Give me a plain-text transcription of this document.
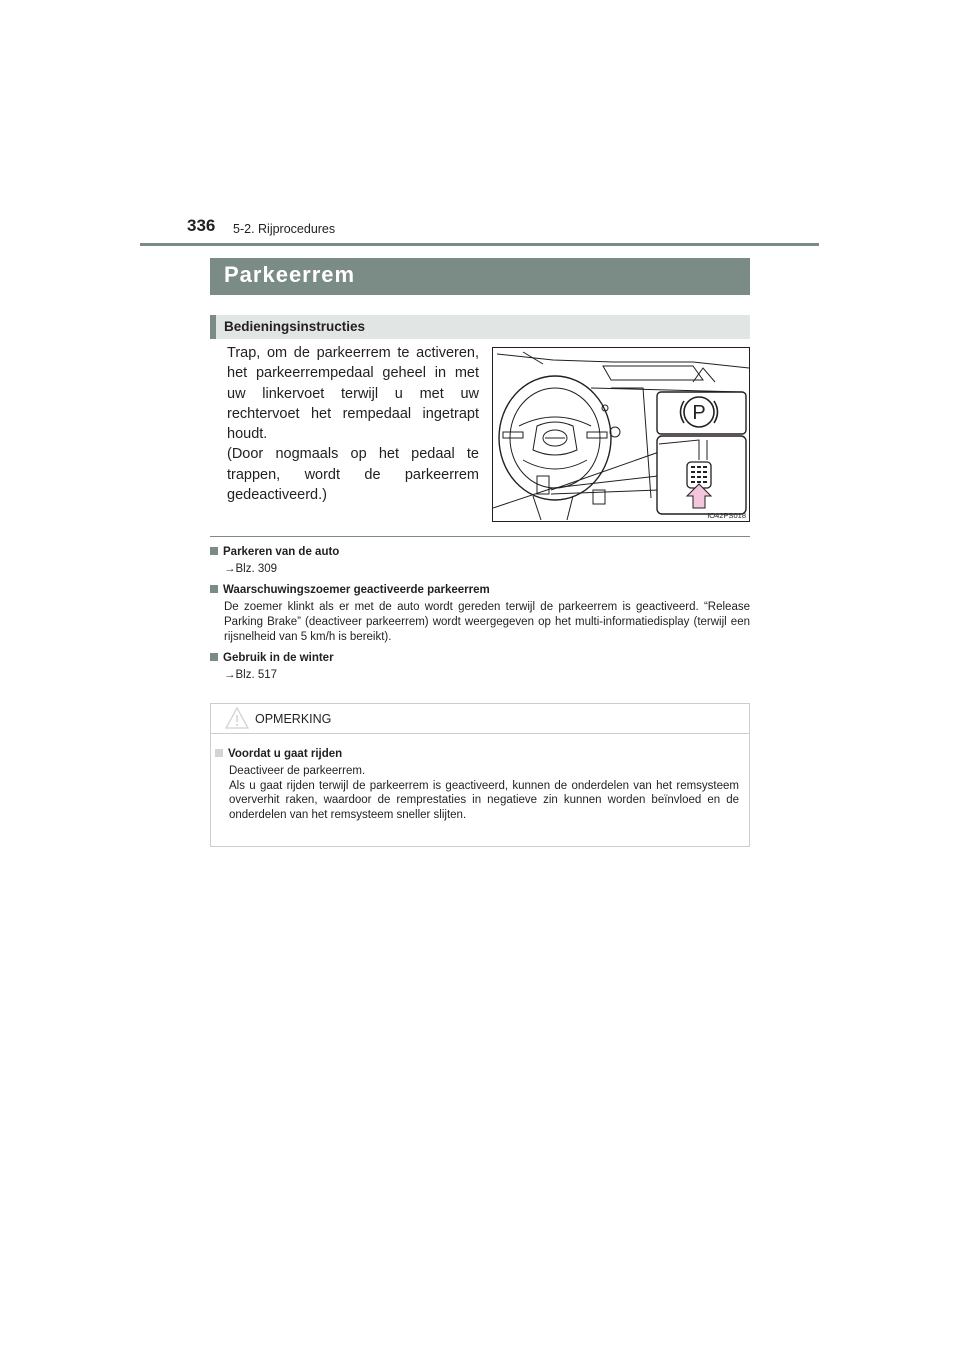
336 5-2. Rijprocedures
Parkeerrem
Bedieningsinstructies

Trap, om de parkeerrem te activeren, het parkeerrempedaal geheel in met uw linkervoet terwijl u met uw rechtervoet het rempedaal ingetrapt houdt.

(Door nogmaals op het pedaal te trappen, wordt de parkeerrem gedeactiveerd.)

P
IO42PS018
Parkeren van de auto
→Blz. 309
Waarschuwingszoemer geactiveerde parkeerrem
De zoemer klinkt als er met de auto wordt gereden terwijl de parkeerrem is geactiveerd. “Release Parking Brake” (deactiveer parkeerrem) wordt weergegeven op het multi-informatiedisplay (terwijl een rijsnelheid van 5 km/h is bereikt).
Gebruik in de winter
→Blz. 517
OPMERKING
Voordat u gaat rijden
Deactiveer de parkeerrem.
Als u gaat rijden terwijl de parkeerrem is geactiveerd, kunnen de onderdelen van het remsysteem oververhit raken, waardoor de remprestaties in negatieve zin kunnen worden beïnvloed en de onderdelen van het remsysteem sneller slijten.
